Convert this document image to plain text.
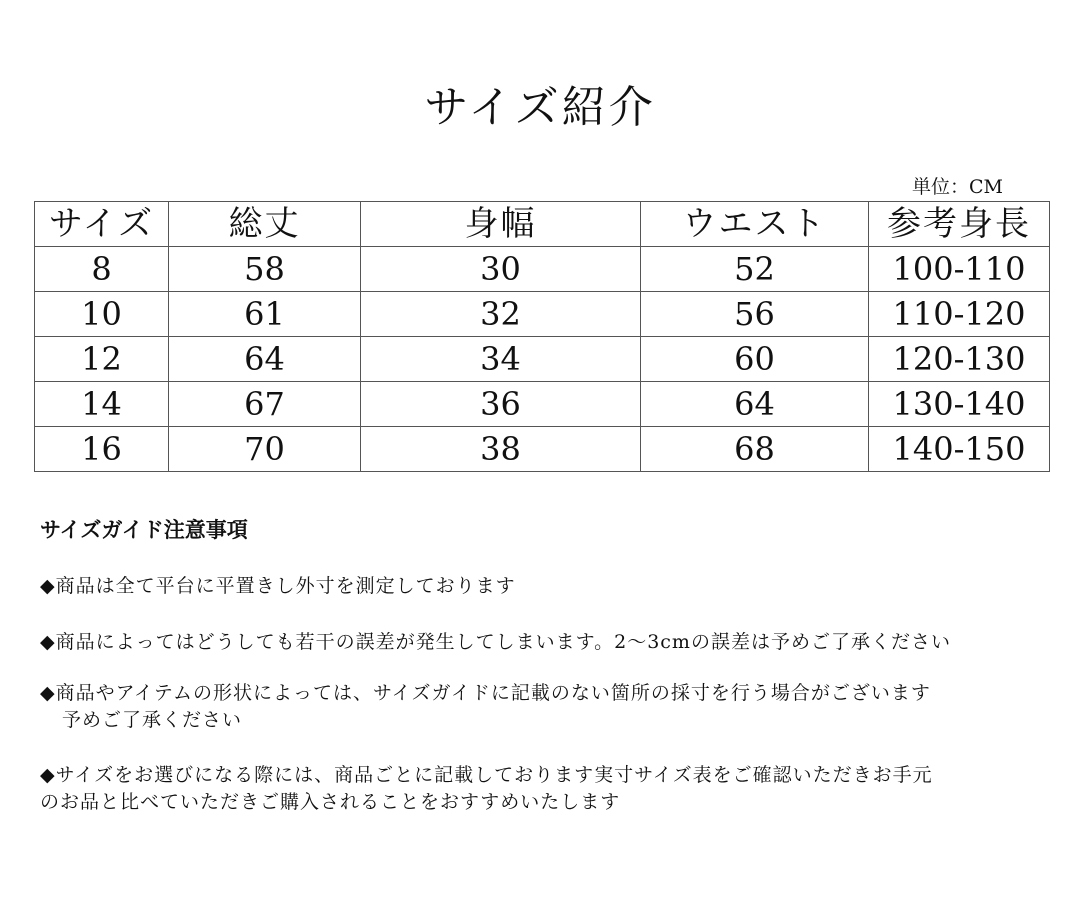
サイズ紹介
単位：CM
サイズ	総丈	身幅	ウエスト	参考身長
8	58	30	52	100-110
10	61	32	56	110-120
12	64	34	60	120-130
14	67	36	64	130-140
16	70	38	68	140-150
サイズガイド注意事項
◆商品は全て平台に平置きし外寸を測定しております
◆商品によってはどうしても若干の誤差が発生してしまいます。2～3cmの誤差は予めご了承ください
◆商品やアイテムの形状によっては、サイズガイドに記載のない箇所の採寸を行う場合がございます
予めご了承ください
◆サイズをお選びになる際には、商品ごとに記載しております実寸サイズ表をご確認いただきお手元
のお品と比べていただきご購入されることをおすすめいたします
